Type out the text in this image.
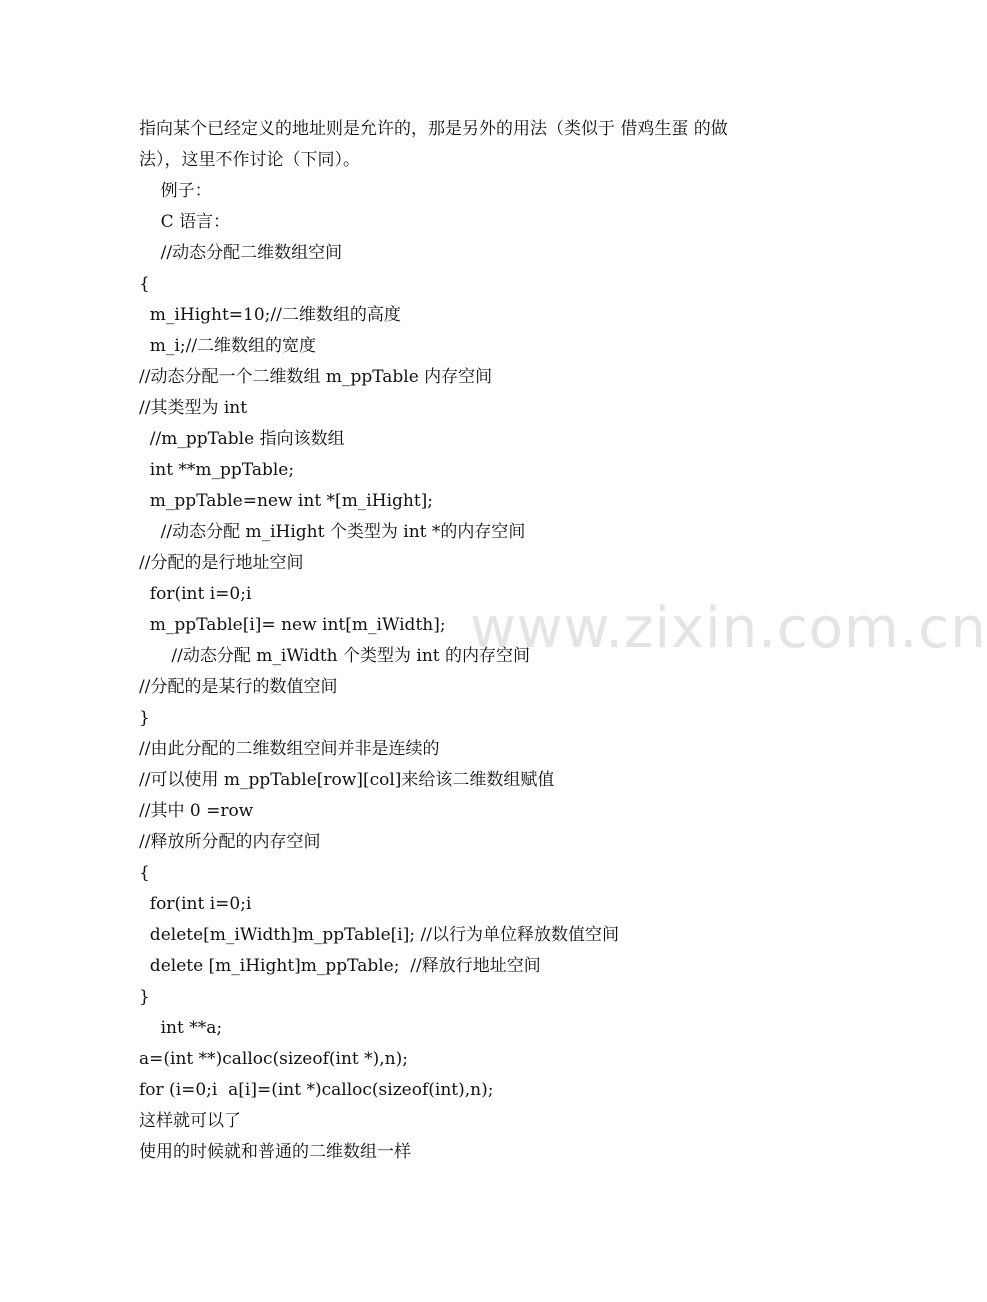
www.zixin.com.cn
指向某个已经定义的地址则是允许的，那是另外的用法（类似于 借鸡生蛋 的做
法），这里不作讨论（下同）。
例子：
C 语言：
//动态分配二维数组空间
{
m_iHight=10;//二维数组的高度
m_i;//二维数组的宽度
//动态分配一个二维数组 m_ppTable 内存空间
//其类型为 int
//m_ppTable 指向该数组
int **m_ppTable;
m_ppTable=new int *[m_iHight];
//动态分配 m_iHight 个类型为 int *的内存空间
//分配的是行地址空间
for(int i=0;i
m_ppTable[i]= new int[m_iWidth];
//动态分配 m_iWidth 个类型为 int 的内存空间
//分配的是某行的数值空间
}
//由此分配的二维数组空间并非是连续的
//可以使用 m_ppTable[row][col]来给该二维数组赋值
//其中 0 =row
//释放所分配的内存空间
{
for(int i=0;i
delete[m_iWidth]m_ppTable[i]; //以行为单位释放数值空间
delete [m_iHight]m_ppTable;  //释放行地址空间
}
int **a;
a=(int **)calloc(sizeof(int *),n);
for (i=0;i  a[i]=(int *)calloc(sizeof(int),n);
这样就可以了
使用的时候就和普通的二维数组一样
